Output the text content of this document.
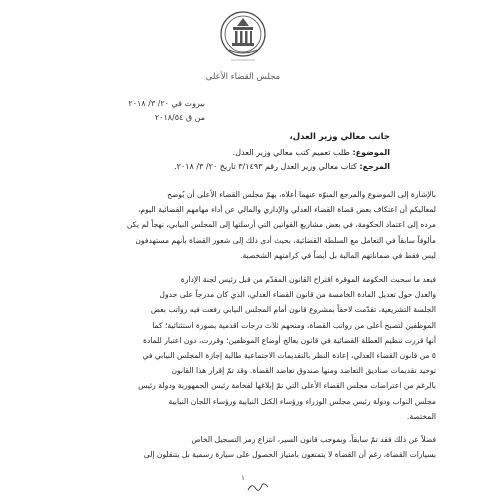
مجلس القضاء الأعلى
بيروت في ٢٠/ ٣/ ٢٠١٨
من ق ٢٠١٨/٥٤
جانب معالي وزير العدل،
الموضوع: طلب تعميم كتب معالي وزير العدل.
المرجع: كتاب معالي وزير العدل رقم ٣/١٤٩٣ تاريخ ٢٠/ ٣/ ٢٠١٨.
بالإشارة إلى الموضوع والمرجع المنوّه عنهما أعلاه، يهمّ مجلس القضاء الأعلى أن يُوضح
لمعاليكم أن اعتكاف بعض قضاة القضاء العدلي والإداري والمالي عن أداء مهامهم القضائية اليوم،
مرده إلى اعتماد الحكومة، في بعض مشاريع القوانين التي أرسلتها إلى المجلس النيابي، نهجاً لم يكن
مألوفاً سابقاً في التعامل مع السلطة القضائية، بحيث أدى ذلك إلى شعور القضاة بأنهم مستهدفون
ليس فقط في ضماناتهم المالية بل أيضاً في كرامتهم الشخصية.
فبعد ما سحبت الحكومة الموقرة اقتراح القانون المقدّم من قبل رئيس لجنة الإدارة
والعدل حول تعديل المادة الخامسة من قانون القضاء العدلي، الذي كان مدرجاً على جدول
الجلسة التشريعية، تقدّمت لاحقاً بمشروع قانون أمام المجلس النيابي رفعت فيه رواتب بعض
الموظفين لتصبح أعلى من رواتب القضاة، ومنحهم ثلاث درجات اقدمية بصورة استثنائية؛ كما
أنها قررت تنظيم العطلة القضائية في قانون يعالج أوضاع الموظفين؛ وقررت، دون اعتبار للمادة
٥ من قانون القضاء العدلي، إعادة النظر بالتقديمات الاجتماعية طالبة إجازة المجلس النيابي في
توحيد تقديمات صناديق التعاضد ومنها صندوق تعاضد القضاة. وقد تمّ إقرار هذا القانون
بالرغم من اعتراضات مجلس القضاء الأعلى التي تمّ إبلاغها لفخامة رئيس الجمهورية ودولة رئيس
مجلس النواب ودولة رئيس مجلس الوزراء ورؤساء الكتل النيابية ورؤساء اللجان النيابية
المختصة.
فضلاً عن ذلك فقد تمّ سابقاً، وبموجب قانون السير، انتزاع رمز التسجيل الخاص
بسيارات القضاة، رغم أن القضاة لا يتمتعون بامتياز الحصول على سيارة رسمية بل يتنقلون إلى
١
